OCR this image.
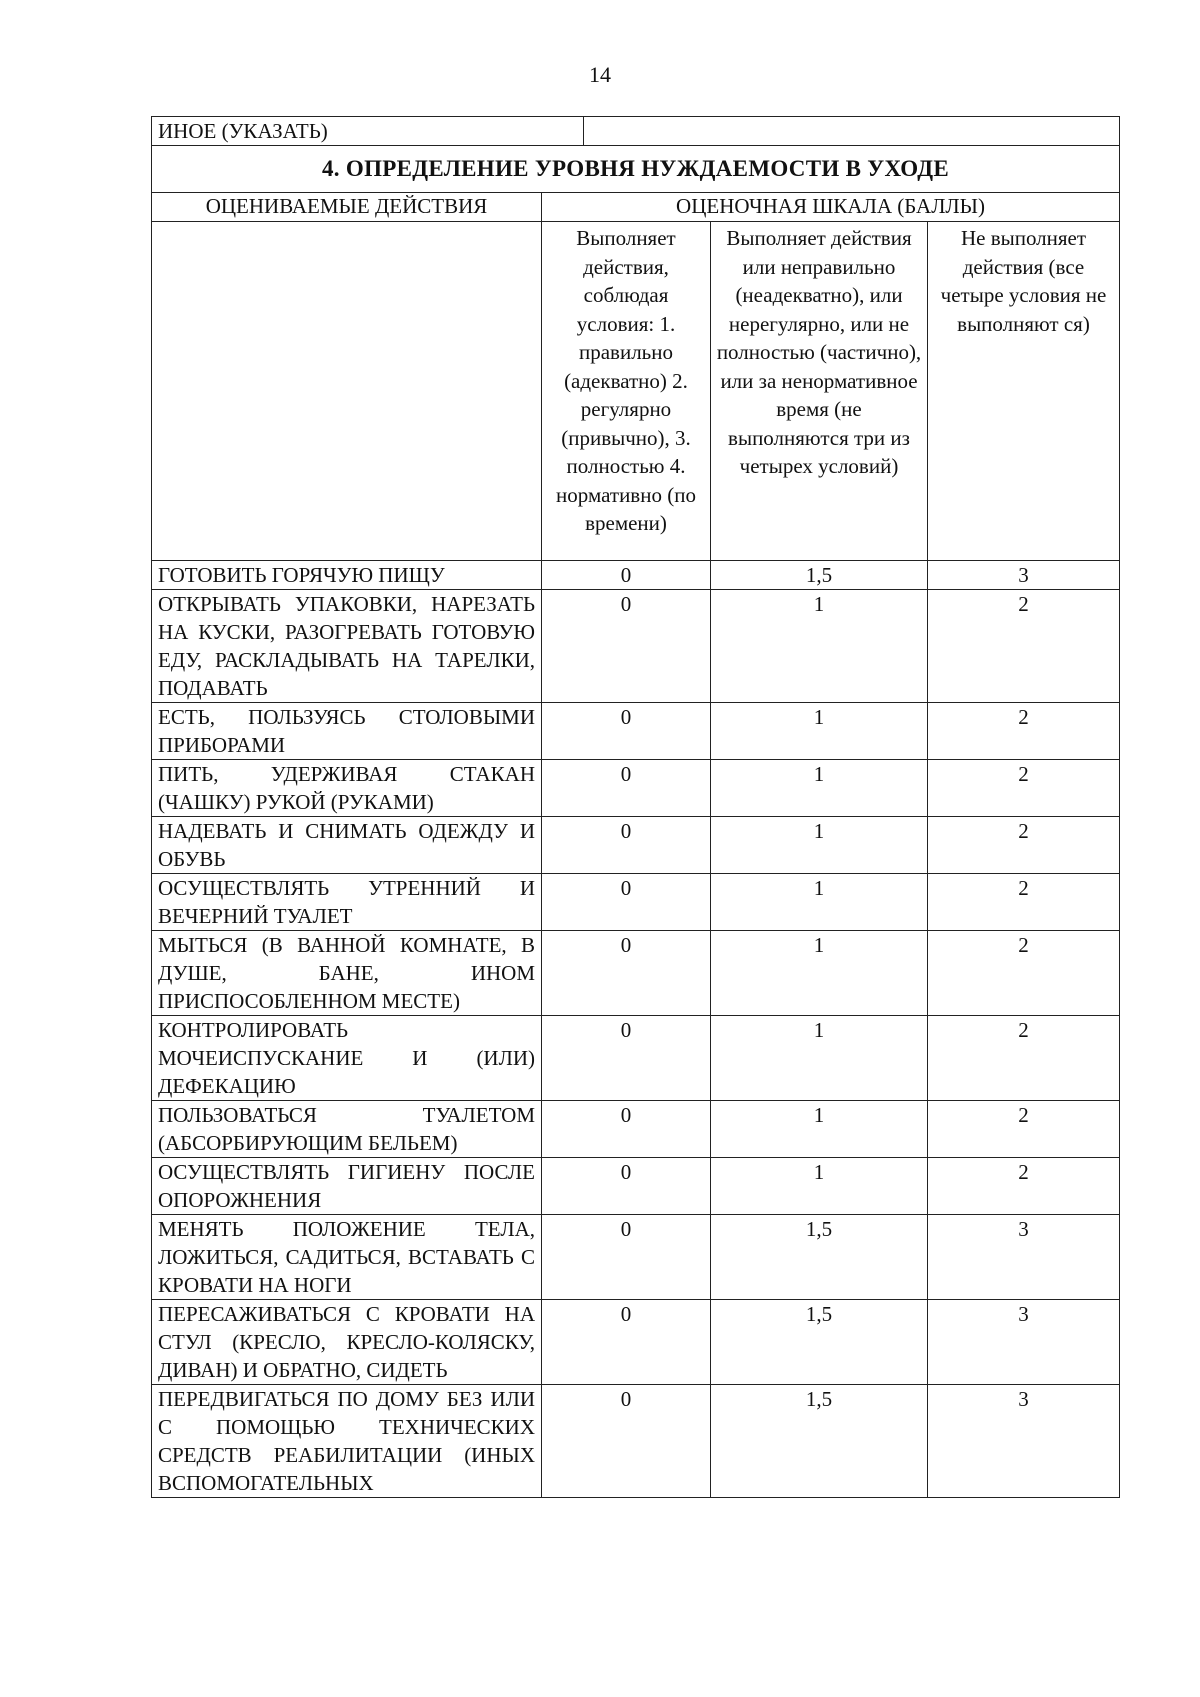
14
ИНОЕ (УКАЗАТЬ)				
4. ОПРЕДЕЛЕНИЕ УРОВНЯ НУЖДАЕМОСТИ В УХОДЕ				
ОЦЕНИВАЕМЫЕ ДЕЙСТВИЯ	ОЦЕНОЧНАЯ ШКАЛА (БАЛЛЫ)			
	Выполняет действия, соблюдая условия: 1. правильно (адекватно) 2. регулярно (привычно), 3. полностью 4. нормативно (по времени)		Выполняет действия или неправильно (неадекватно), или нерегулярно, или не полностью (частично), или за ненормативное время (не выполняются три из четырех условий)	Не выполняет действия (все четыре условия не выполняют ся)
ГОТОВИТЬ ГОРЯЧУЮ ПИЩУ	0		1,5	3
ОТКРЫВАТЬ УПАКОВКИ, НАРЕЗАТЬ НА КУСКИ, РАЗОГРЕВАТЬ ГОТОВУЮ ЕДУ, РАСКЛАДЫВАТЬ НА ТАРЕЛКИ, ПОДАВАТЬ	0		1	2
ЕСТЬ, ПОЛЬЗУЯСЬ СТОЛОВЫМИ ПРИБОРАМИ	0		1	2
ПИТЬ, УДЕРЖИВАЯ СТАКАН (ЧАШКУ) РУКОЙ (РУКАМИ)	0		1	2
НАДЕВАТЬ И СНИМАТЬ ОДЕЖДУ И ОБУВЬ	0		1	2
ОСУЩЕСТВЛЯТЬ УТРЕННИЙ И ВЕЧЕРНИЙ ТУАЛЕТ	0		1	2
МЫТЬСЯ (В ВАННОЙ КОМНАТЕ, В ДУШЕ, БАНЕ, ИНОМ ПРИСПОСОБЛЕННОМ МЕСТЕ)	0		1	2
КОНТРОЛИРОВАТЬ МОЧЕИСПУСКАНИЕ И (ИЛИ) ДЕФЕКАЦИЮ	0		1	2
ПОЛЬЗОВАТЬСЯ ТУАЛЕТОМ (АБСОРБИРУЮЩИМ БЕЛЬЕМ)	0		1	2
ОСУЩЕСТВЛЯТЬ ГИГИЕНУ ПОСЛЕ ОПОРОЖНЕНИЯ	0		1	2
МЕНЯТЬ ПОЛОЖЕНИЕ ТЕЛА, ЛОЖИТЬСЯ, САДИТЬСЯ, ВСТАВАТЬ С КРОВАТИ НА НОГИ	0		1,5	3
ПЕРЕСАЖИВАТЬСЯ С КРОВАТИ НА СТУЛ (КРЕСЛО, КРЕСЛО-КОЛЯСКУ, ДИВАН) И ОБРАТНО, СИДЕТЬ	0		1,5	3
ПЕРЕДВИГАТЬСЯ ПО ДОМУ БЕЗ ИЛИ С ПОМОЩЬЮ ТЕХНИЧЕСКИХ СРЕДСТВ РЕАБИЛИТАЦИИ (ИНЫХ ВСПОМОГАТЕЛЬНЫХ	0		1,5	3
